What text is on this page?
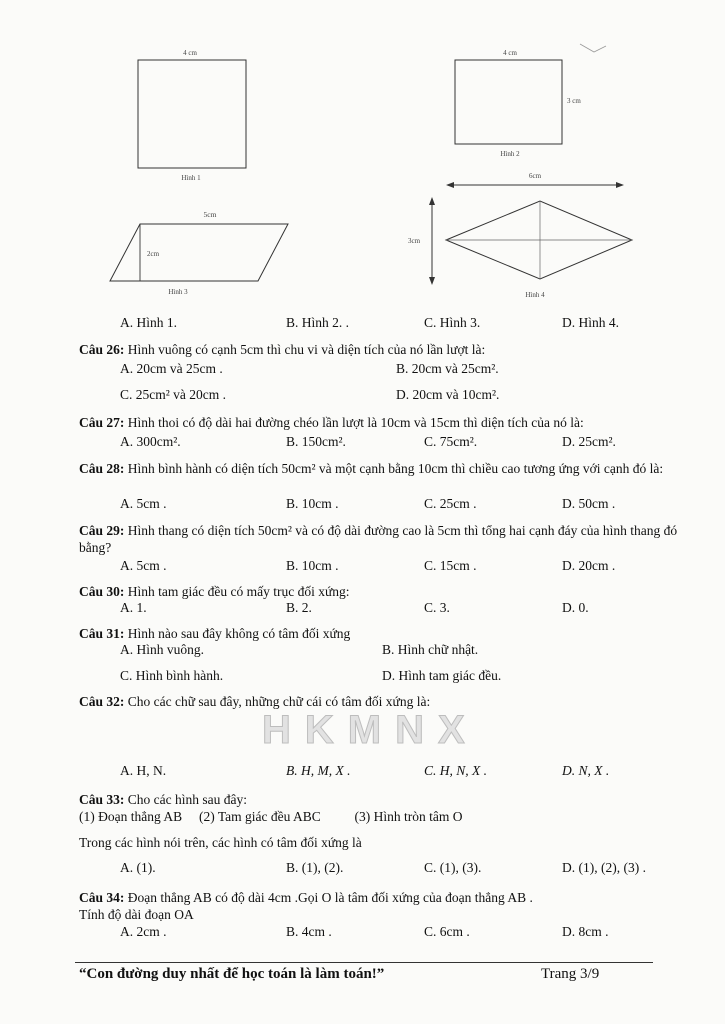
4 cm
Hình 1
4 cm
3 cm
Hình 2
5cm
2cm
Hình 3
6cm
3cm
Hình 4
A. Hình 1.	B. Hình 2. .	C. Hình 3.	D. Hình 4.
Câu 26: Hình vuông có cạnh 5cm thì chu vi và diện tích của nó lần lượt là:
A. 20cm và 25cm .	B. 20cm và 25cm².
C. 25cm² và 20cm .	D. 20cm và 10cm².
Câu 27: Hình thoi có độ dài hai đường chéo lần lượt là 10cm và 15cm thì diện tích của nó là:
A. 300cm².	B. 150cm².	C. 75cm².	D. 25cm².
Câu 28: Hình bình hành có diện tích 50cm² và một cạnh bằng 10cm thì chiều cao tương ứng với cạnh đó là:
A. 5cm .	B. 10cm .	C. 25cm .	D. 50cm .
Câu 29: Hình thang có diện tích 50cm² và có độ dài đường cao là 5cm thì tổng hai cạnh đáy của hình thang đó bằng?
A. 5cm .	B. 10cm .	C. 15cm .	D. 20cm .
Câu 30: Hình tam giác đều có mấy trục đối xứng:
A. 1.	B. 2.	C. 3.	D. 0.
Câu 31: Hình nào sau đây không có tâm đối xứng
A. Hình vuông.	B. Hình chữ nhật.
C. Hình bình hành.	D. Hình tam giác đều.
Câu 32: Cho các chữ sau đây, những chữ cái có tâm đối xứng là:
HKMNX
A. H, N.	B. H, M, X .	C. H, N, X .	D. N, X .
Câu 33: Cho các hình sau đây:
(1) Đoạn thẳng AB     (2) Tam giác đều ABC          (3) Hình tròn tâm O
Trong các hình nói trên, các hình có tâm đối xứng là
A. (1).	B. (1), (2).	C. (1), (3).	D. (1), (2), (3) .
Câu 34: Đoạn thẳng AB có độ dài 4cm .Gọi O là tâm đối xứng của đoạn thẳng AB .
Tính độ dài đoạn OA
A. 2cm .	B. 4cm .	C. 6cm .	D. 8cm .
“Con đường duy nhất để học toán là làm toán!”	Trang 3/9
